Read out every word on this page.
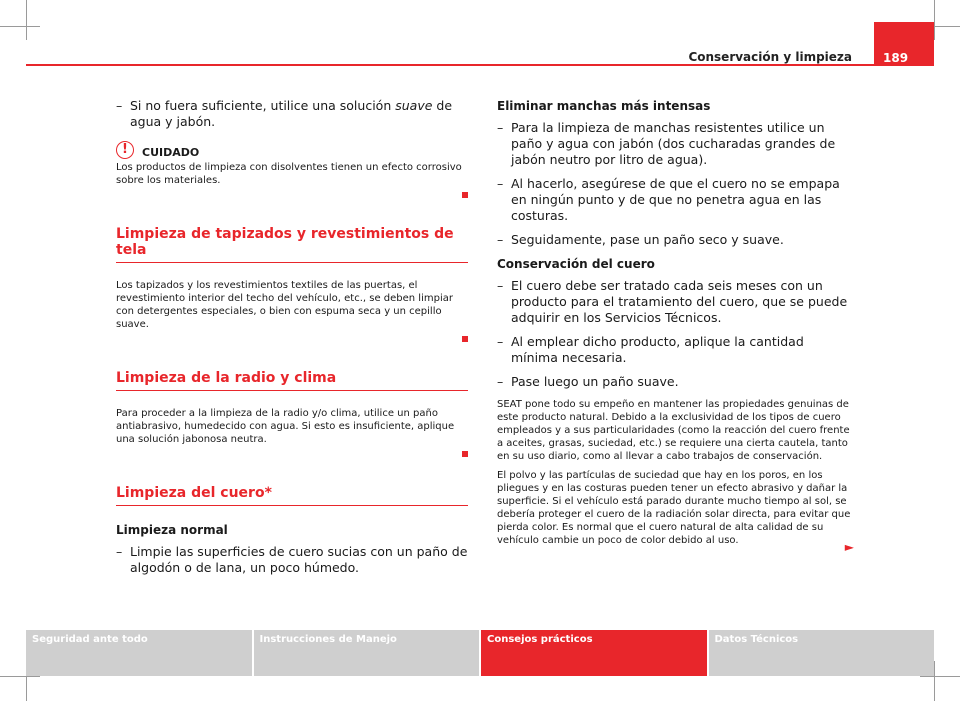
Conservación y limpieza	189
– Si no fuera suficiente, utilice una solución suave de agua y jabón.
!	CUIDADO

Los productos de limpieza con disolventes tienen un efecto corrosivo sobre los materiales.

Limpieza de tapizados y revestimientos de tela

Los tapizados y los revestimientos textiles de las puertas, el revestimiento interior del techo del vehículo, etc., se deben limpiar con detergentes especiales, o bien con espuma seca y un cepillo suave.

Limpieza de la radio y clima

Para proceder a la limpieza de la radio y/o clima, utilice un paño antiabrasivo, humedecido con agua. Si esto es insuficiente, aplique una solución jabonosa neutra.

Limpieza del cuero*
Limpieza normal
– Limpie las superficies de cuero sucias con un paño de algodón o de lana, un poco húmedo.
Eliminar manchas más intensas
– Para la limpieza de manchas resistentes utilice un paño y agua con jabón (dos cucharadas grandes de jabón neutro por litro de agua).
– Al hacerlo, asegúrese de que el cuero no se empapa en ningún punto y de que no penetra agua en las costuras.
– Seguidamente, pase un paño seco y suave.
Conservación del cuero
– El cuero debe ser tratado cada seis meses con un producto para el tratamiento del cuero, que se puede adquirir en los Servicios Técnicos.
– Al emplear dicho producto, aplique la cantidad mínima necesaria.
– Pase luego un paño suave.

SEAT pone todo su empeño en mantener las propiedades genuinas de este producto natural. Debido a la exclusividad de los tipos de cuero empleados y a sus particularidades (como la reacción del cuero frente a aceites, grasas, suciedad, etc.) se requiere una cierta cautela, tanto en su uso diario, como al llevar a cabo trabajos de conservación.

El polvo y las partículas de suciedad que hay en los poros, en los pliegues y en las costuras pueden tener un efecto abrasivo y dañar la superficie. Si el vehículo está parado durante mucho tiempo al sol, se debería proteger el cuero de la radiación solar directa, para evitar que pierda color. Es normal que el cuero natural de alta calidad de su vehículo cambie un poco de color debido al uso.	►
Seguridad ante todo	Instrucciones de Manejo	Consejos prácticos	Datos Técnicos
